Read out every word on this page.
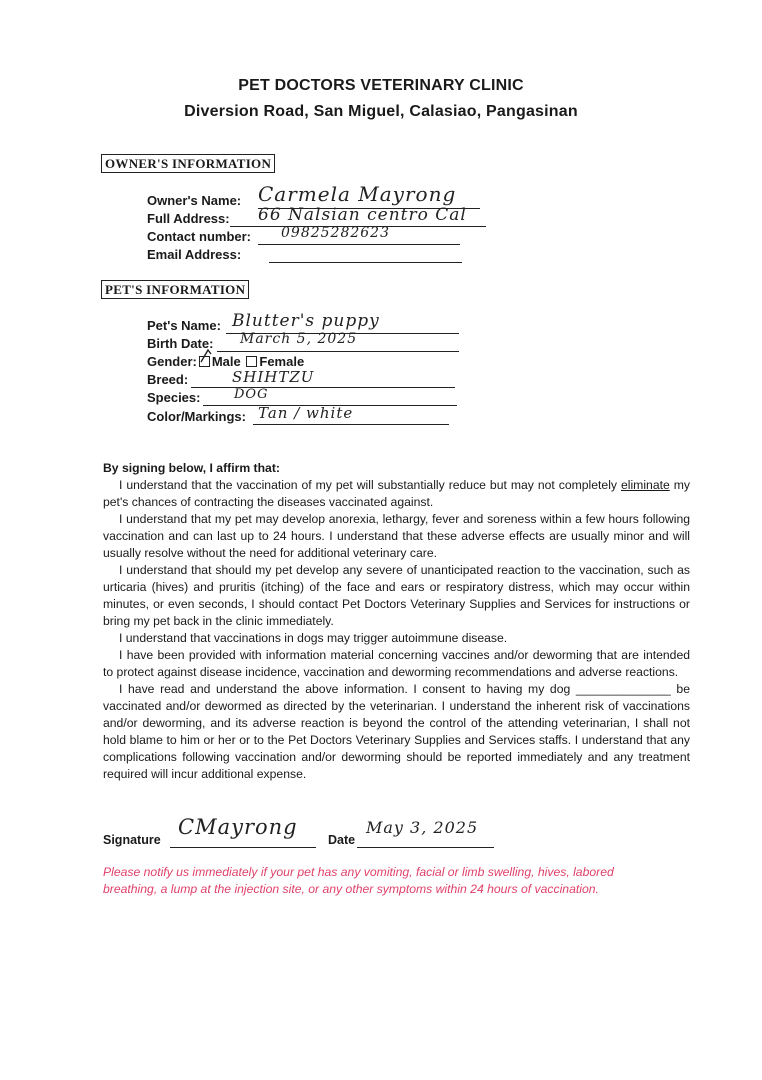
PET DOCTORS VETERINARY CLINIC
Diversion Road, San Miguel, Calasiao, Pangasinan
OWNER'S INFORMATION
Owner's Name: Carmela Mayrong
Full Address: 66 Nalsian centro Cal
Contact number: 09825282623
Email Address:
PET'S INFORMATION
Pet's Name: Blutter's puppy
Birth Date: March 5, 2025
Gender: Male Female
Breed:	SHIHTZU
Species:	DOG
Color/Markings: Tan / white

By signing below, I affirm that:

I understand that the vaccination of my pet will substantially reduce but may not completely eliminate my pet's chances of contracting the diseases vaccinated against.

I understand that my pet may develop anorexia, lethargy, fever and soreness within a few hours following vaccination and can last up to 24 hours. I understand that these adverse effects are usually minor and will usually resolve without the need for additional veterinary care.

I understand that should my pet develop any severe of unanticipated reaction to the vaccination, such as urticaria (hives) and pruritis (itching) of the face and ears or respiratory distress, which may occur within minutes, or even seconds, I should contact Pet Doctors Veterinary Supplies and Services for instructions or bring my pet back in the clinic immediately.

I understand that vaccinations in dogs may trigger autoimmune disease.

I have been provided with information material concerning vaccines and/or deworming that are intended to protect against disease incidence, vaccination and deworming recommendations and adverse reactions.

I have read and understand the above information. I consent to having my dog ______________ be vaccinated and/or dewormed as directed by the veterinarian. I understand the inherent risk of vaccinations and/or deworming, and its adverse reaction is beyond the control of the attending veterinarian, I shall not hold blame to him or her or to the Pet Doctors Veterinary Supplies and Services staffs. I understand that any complications following vaccination and/or deworming should be reported immediately and any treatment required will incur additional expense.

Signature
CMayrong
Date
May 3, 2025
Please notify us immediately if your pet has any vomiting, facial or limb swelling, hives, labored breathing, a lump at the injection site, or any other symptoms within 24 hours of vaccination.
